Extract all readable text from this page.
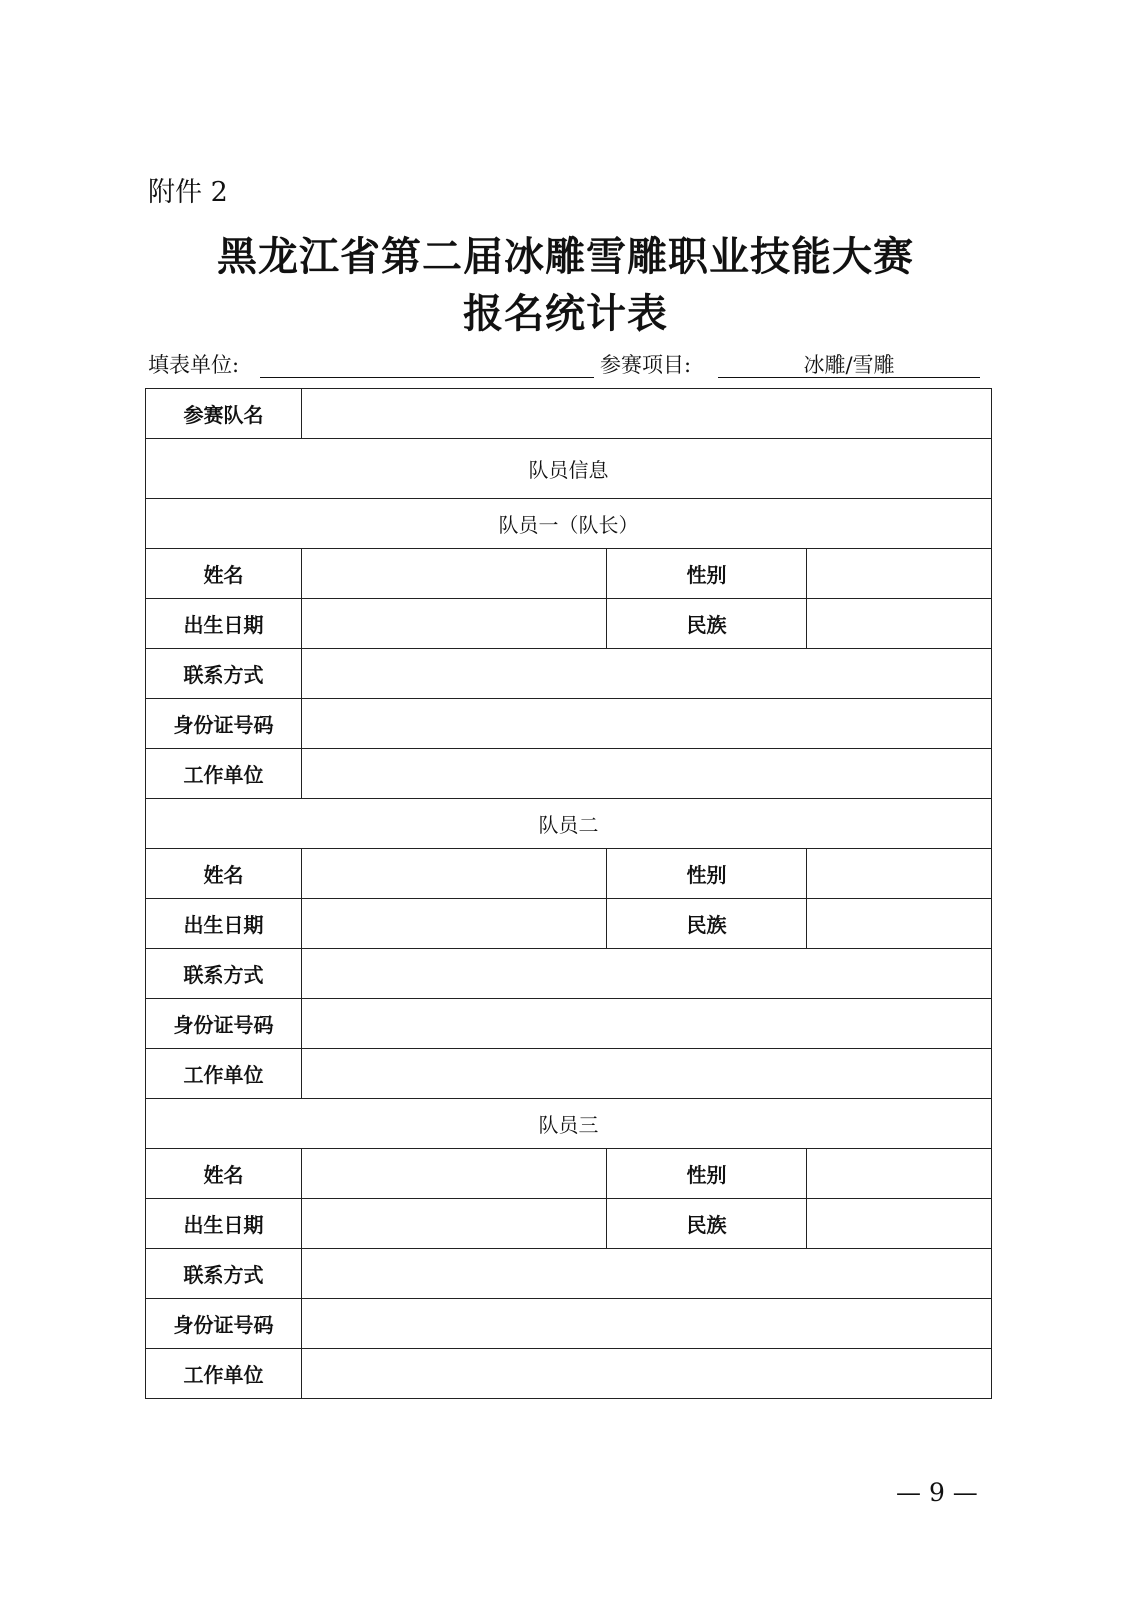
附件 2
黑龙江省第二届冰雕雪雕职业技能大赛
报名统计表
填表单位:	参赛项目:	冰雕/雪雕
参赛队名			
队员信息			
队员一（队长）			
姓名		性别	
出生日期		民族	
联系方式			
身份证号码			
工作单位			
队员二			
姓名		性别	
出生日期		民族	
联系方式			
身份证号码			
工作单位			
队员三			
姓名		性别	
出生日期		民族	
联系方式			
身份证号码			
工作单位			
— 9 —
